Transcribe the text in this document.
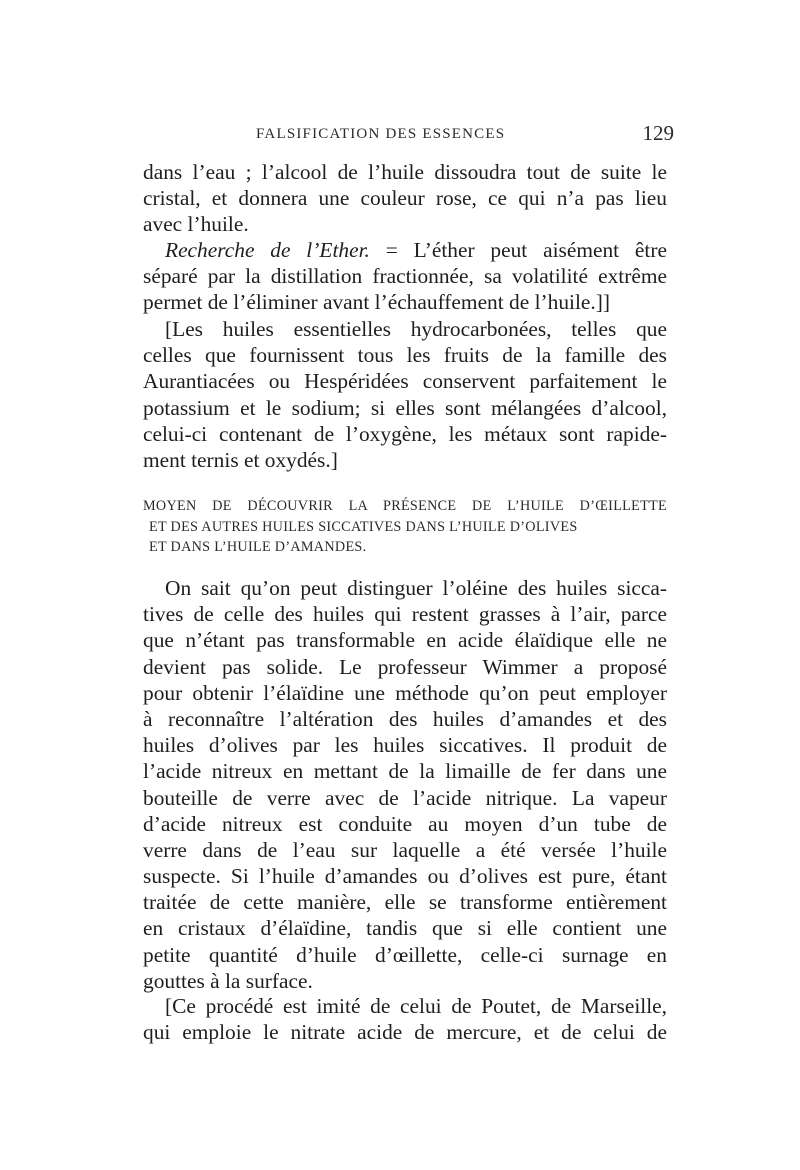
FALSIFICATION DES ESSENCES	129
dans l’eau ; l’alcool de l’huile dissoudra tout de suite le
cristal, et donnera une couleur rose, ce qui n’a pas lieu
avec l’huile.
Recherche de l’Ether. = L’éther peut aisément être
séparé par la distillation fractionnée, sa volatilité extrême
permet de l’éliminer avant l’échauffement de l’huile.]]
[Les huiles essentielles hydrocarbonées, telles que
celles que fournissent tous les fruits de la famille des
Aurantiacées ou Hespéridées conservent parfaitement le
potassium et le sodium; si elles sont mélangées d’alcool,
celui-ci contenant de l’oxygène, les métaux sont rapide-
ment ternis et oxydés.]
MOYEN DE DÉCOUVRIR LA PRÉSENCE DE L’HUILE D’ŒILLETTE
ET DES AUTRES HUILES SICCATIVES DANS L’HUILE D’OLIVES
ET DANS L’HUILE D’AMANDES.
On sait qu’on peut distinguer l’oléine des huiles sicca-
tives de celle des huiles qui restent grasses à l’air, parce
que n’étant pas transformable en acide élaïdique elle ne
devient pas solide. Le professeur Wimmer a proposé
pour obtenir l’élaïdine une méthode qu’on peut employer
à reconnaître l’altération des huiles d’amandes et des
huiles d’olives par les huiles siccatives. Il produit de
l’acide nitreux en mettant de la limaille de fer dans une
bouteille de verre avec de l’acide nitrique. La vapeur
d’acide nitreux est conduite au moyen d’un tube de
verre dans de l’eau sur laquelle a été versée l’huile
suspecte. Si l’huile d’amandes ou d’olives est pure, étant
traitée de cette manière, elle se transforme entièrement
en cristaux d’élaïdine, tandis que si elle contient une
petite quantité d’huile d’œillette, celle-ci surnage en
gouttes à la surface.
[Ce procédé est imité de celui de Poutet, de Marseille,
qui emploie le nitrate acide de mercure, et de celui de
